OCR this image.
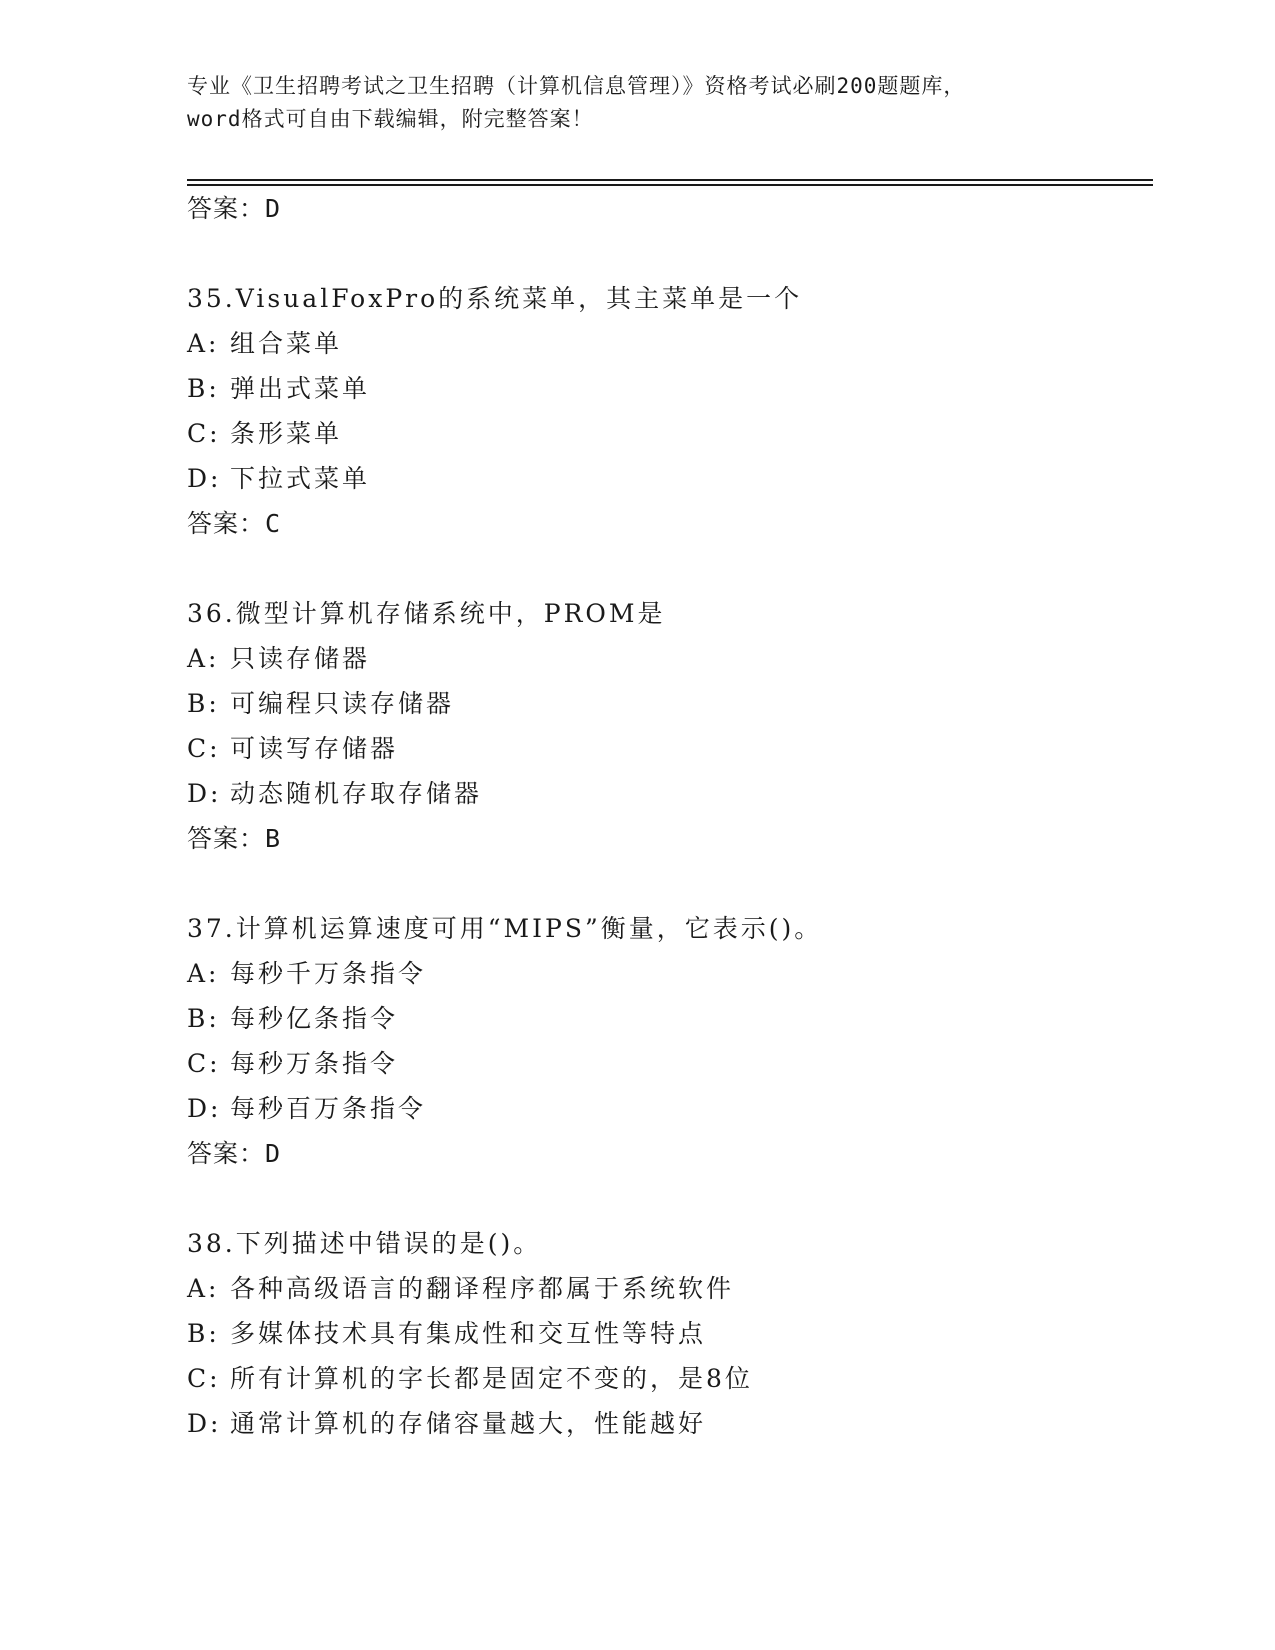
专业《卫生招聘考试之卫生招聘（计算机信息管理）》资格考试必刷200题题库，
word格式可自由下载编辑，附完整答案！
答案：D
35.VisualFoxPro的系统菜单，其主菜单是一个
A: 组合菜单
B: 弹出式菜单
C: 条形菜单
D: 下拉式菜单
答案：C
36.微型计算机存储系统中，PROM是
A: 只读存储器
B: 可编程只读存储器
C: 可读写存储器
D: 动态随机存取存储器
答案：B
37.计算机运算速度可用“MIPS”衡量，它表示()。
A: 每秒千万条指令
B: 每秒亿条指令
C: 每秒万条指令
D: 每秒百万条指令
答案：D
38.下列描述中错误的是()。
A: 各种高级语言的翻译程序都属于系统软件
B: 多媒体技术具有集成性和交互性等特点
C: 所有计算机的字长都是固定不变的，是8位
D: 通常计算机的存储容量越大，性能越好
